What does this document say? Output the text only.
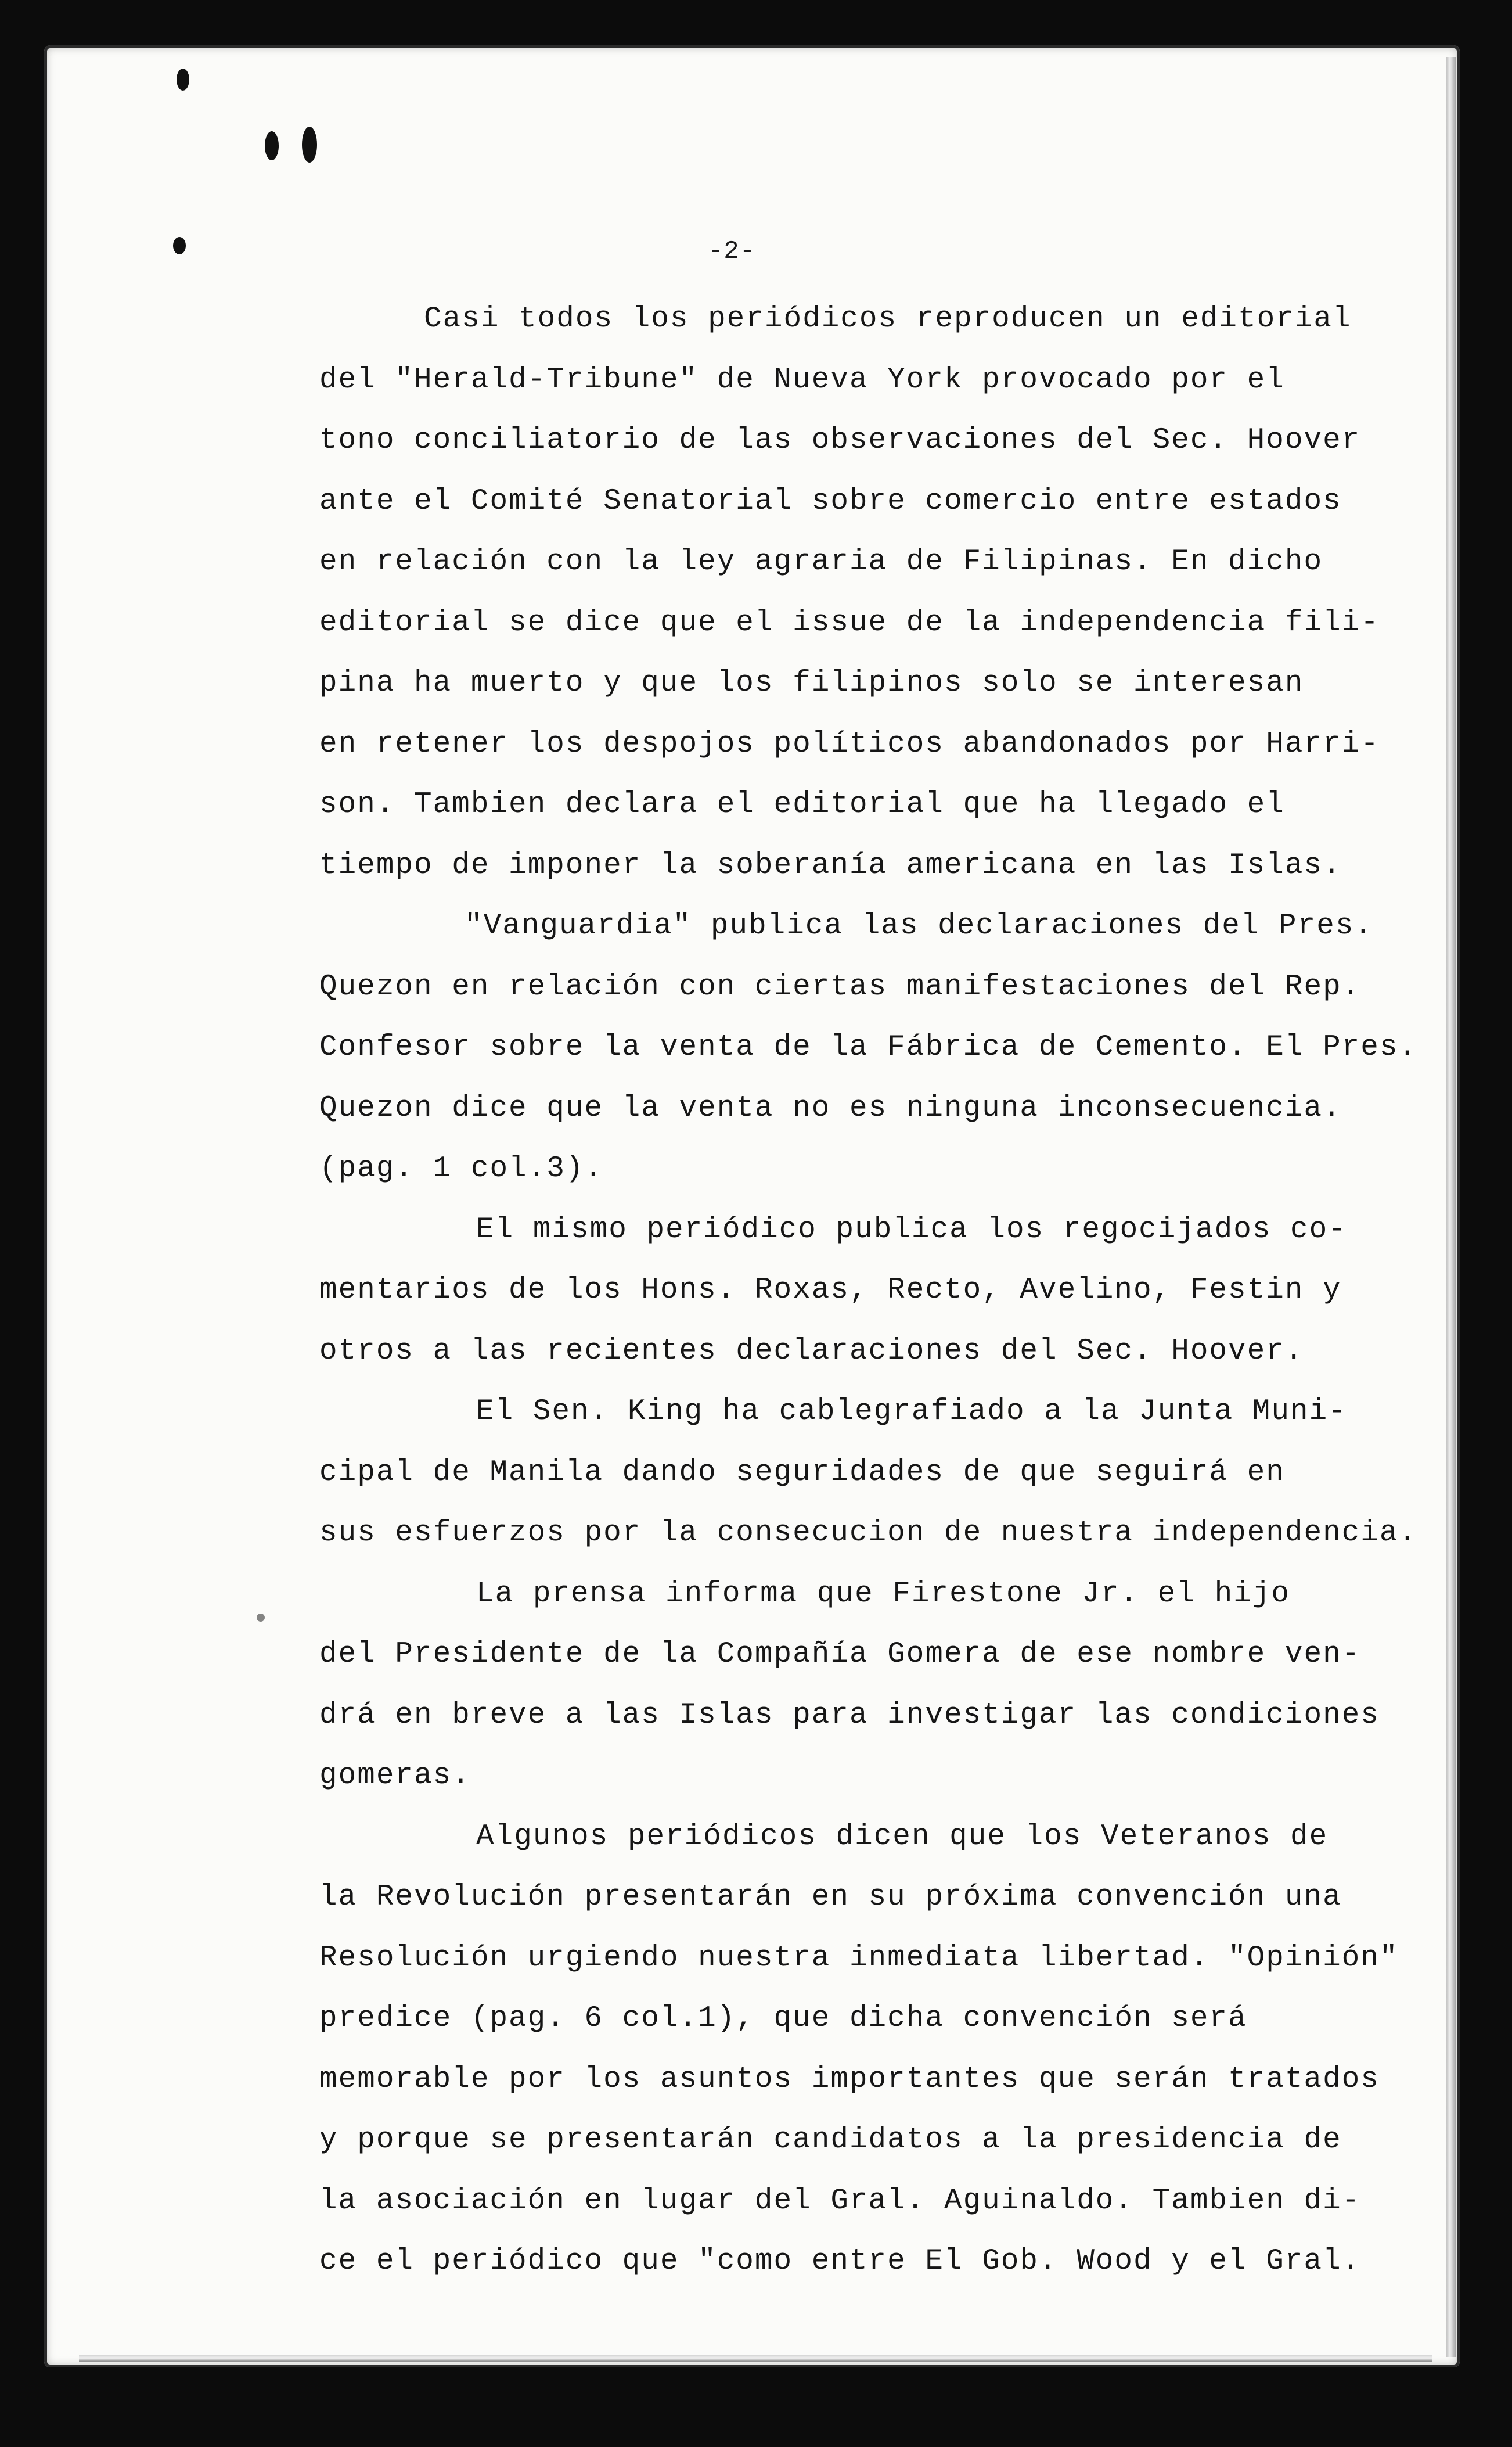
-2-
Casi todos los periódicos reproducen un editorial
del "Herald-Tribune" de Nueva York provocado por el
tono conciliatorio de las observaciones del Sec. Hoover
ante el Comité Senatorial sobre comercio entre estados
en relación con la ley agraria de Filipinas. En dicho
editorial se dice que el issue de la independencia fili-
pina ha muerto y que los filipinos solo se interesan
en retener los despojos políticos abandonados por Harri-
son. Tambien declara el editorial que ha llegado el
tiempo de imponer la soberanía americana en las Islas.
"Vanguardia" publica las declaraciones del Pres.
Quezon en relación con ciertas manifestaciones del Rep.
Confesor sobre la venta de la Fábrica de Cemento. El Pres.
Quezon dice que la venta no es ninguna inconsecuencia.
(pag. 1 col.3).
El mismo periódico publica los regocijados co-
mentarios de los Hons. Roxas, Recto, Avelino, Festin y
otros a las recientes declaraciones del Sec. Hoover.
El Sen. King ha cablegrafiado a la Junta Muni-
cipal de Manila dando seguridades de que seguirá en
sus esfuerzos por la consecucion de nuestra independencia.
La prensa informa que Firestone Jr. el hijo
del Presidente de la Compañía Gomera de ese nombre ven-
drá en breve a las Islas para investigar las condiciones
gomeras.
Algunos periódicos dicen que los Veteranos de
la Revolución presentarán en su próxima convención una
Resolución urgiendo nuestra inmediata libertad. "Opinión"
predice (pag. 6 col.1), que dicha convención será
memorable por los asuntos importantes que serán tratados
y porque se presentarán candidatos a la presidencia de
la asociación en lugar del Gral. Aguinaldo. Tambien di-
ce el periódico que "como entre El Gob. Wood y el Gral.
